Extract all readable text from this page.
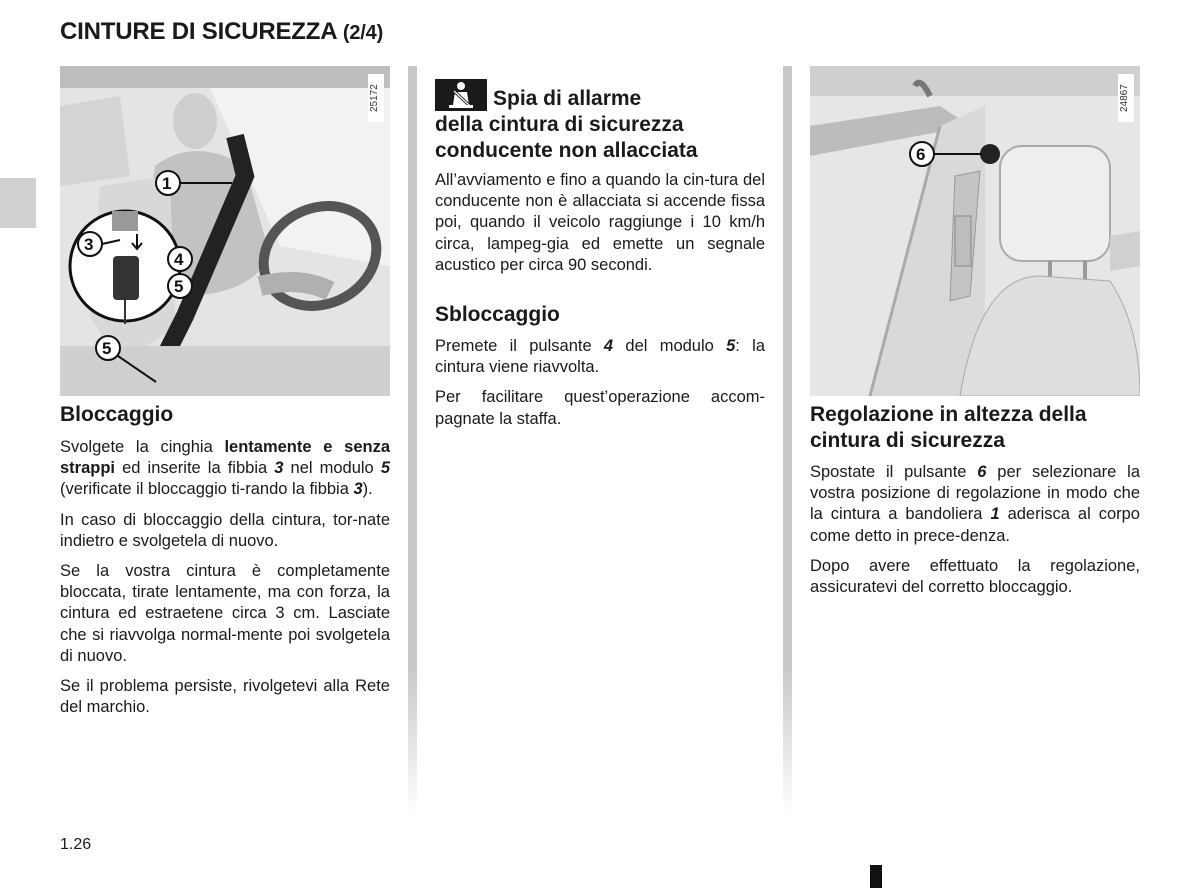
CINTURE DI SICUREZZA (2/4)
1
3
4
5
5
25172
Bloccaggio

Svolgete la cinghia lentamente e senza strappi ed inserite la fibbia 3 nel modulo 5 (verificate il bloccaggio ti-rando la fibbia 3).

In caso di bloccaggio della cintura, tor-nate indietro e svolgetela di nuovo.

Se la vostra cintura è completamente bloccata, tirate lentamente, ma con forza, la cintura ed estraetene circa 3 cm. Lasciate che si riavvolga normal-mente poi svolgetela di nuovo.

Se il problema persiste, rivolgetevi alla Rete del marchio.

Spia di allarme
della cintura di sicurezza
conducente non allacciata

All’avviamento e fino a quando la cin-tura del conducente non è allacciata si accende fissa poi, quando il veicolo raggiunge i 10 km/h circa, lampeg-gia ed emette un segnale acustico per circa 90 secondi.

Sbloccaggio

Premete il pulsante 4 del modulo 5: la cintura viene riavvolta.

Per facilitare quest’operazione accom-pagnate la staffa.

6
24867
Regolazione in altezza della cintura di sicurezza

Spostate il pulsante 6 per selezionare la vostra posizione di regolazione in modo che la cintura a bandoliera 1 aderisca al corpo come detto in prece-denza.

Dopo avere effettuato la regolazione, assicuratevi del corretto bloccaggio.

1.26
